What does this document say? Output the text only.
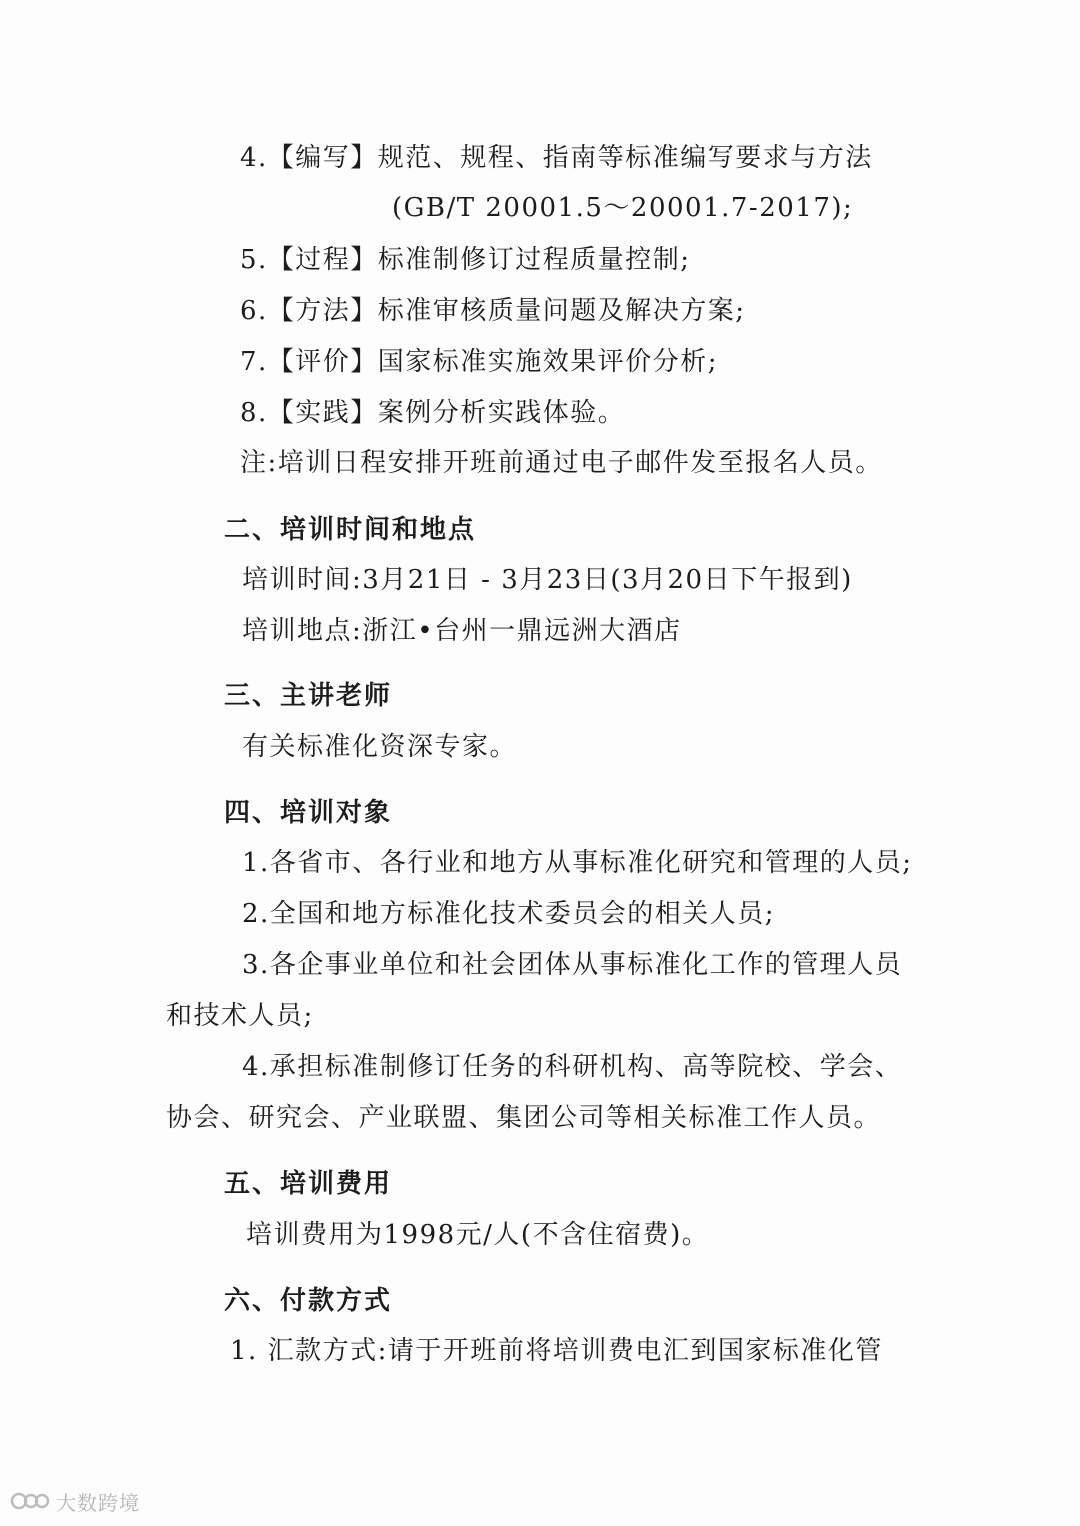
4.【编写】规范、规程、指南等标准编写要求与方法
(GB/T 20001.5～20001.7-2017);
5.【过程】标准制修订过程质量控制;
6.【方法】标准审核质量问题及解决方案;
7.【评价】国家标准实施效果评价分析;
8.【实践】案例分析实践体验。
注:培训日程安排开班前通过电子邮件发至报名人员。
二、培训时间和地点
培训时间:3月21日 - 3月23日(3月20日下午报到)
培训地点:浙江•台州一鼎远洲大酒店
三、主讲老师
有关标准化资深专家。
四、培训对象
1.各省市、各行业和地方从事标准化研究和管理的人员;
2.全国和地方标准化技术委员会的相关人员;
3.各企事业单位和社会团体从事标准化工作的管理人员
和技术人员;
4.承担标准制修订任务的科研机构、高等院校、学会、
协会、研究会、产业联盟、集团公司等相关标准工作人员。
五、培训费用
培训费用为1998元/人(不含住宿费)。
六、付款方式
1. 汇款方式:请于开班前将培训费电汇到国家标准化管
大数跨境
